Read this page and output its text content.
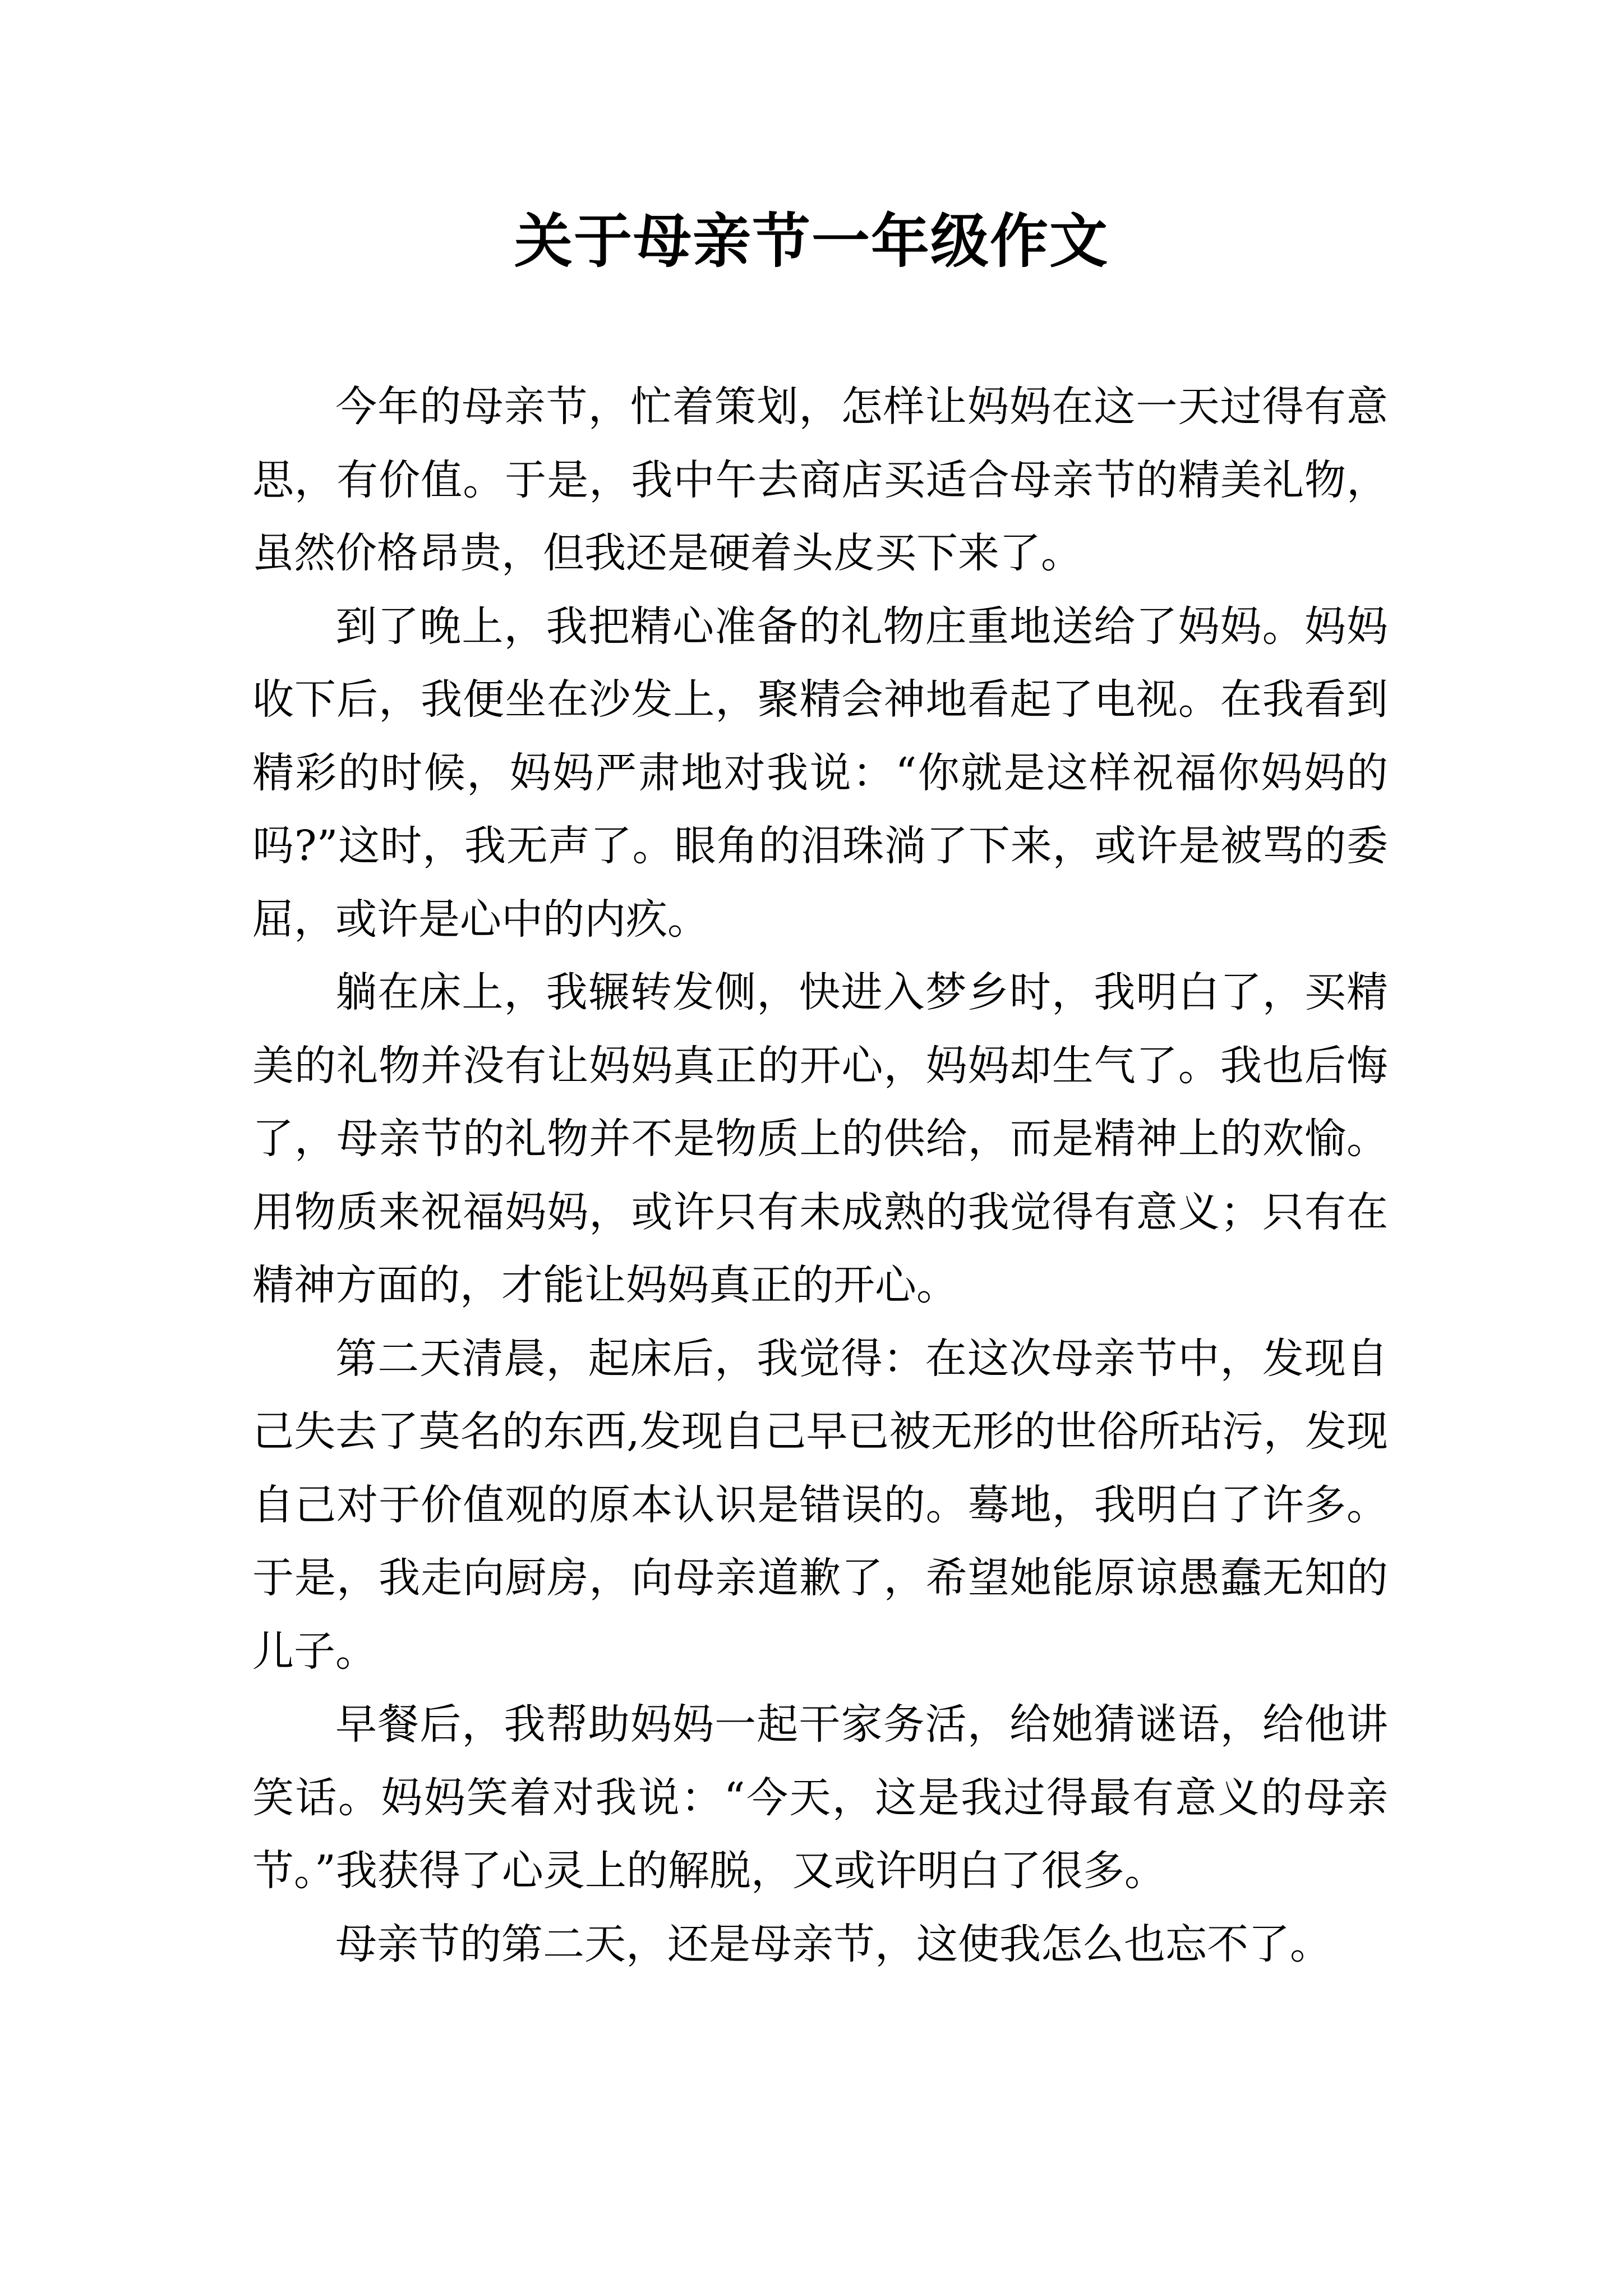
关于母亲节一年级作文

今年的母亲节，忙着策划，怎样让妈妈在这一天过得有意思，有价值。于是，我中午去商店买适合母亲节的精美礼物，虽然价格昂贵，但我还是硬着头皮买下来了。

到了晚上，我把精心准备的礼物庄重地送给了妈妈。妈妈收下后，我便坐在沙发上，聚精会神地看起了电视。在我看到精彩的时候，妈妈严肃地对我说：“你就是这样祝福你妈妈的吗?”这时，我无声了。眼角的泪珠淌了下来，或许是被骂的委屈，或许是心中的内疚。

躺在床上，我辗转发侧，快进入梦乡时，我明白了，买精美的礼物并没有让妈妈真正的开心，妈妈却生气了。我也后悔了，母亲节的礼物并不是物质上的供给，而是精神上的欢愉。用物质来祝福妈妈，或许只有未成熟的我觉得有意义；只有在精神方面的，才能让妈妈真正的开心。

第二天清晨，起床后，我觉得：在这次母亲节中，发现自己失去了莫名的东西,发现自己早已被无形的世俗所玷污，发现自己对于价值观的原本认识是错误的。蓦地，我明白了许多。于是，我走向厨房，向母亲道歉了，希望她能原谅愚蠢无知的儿子。

早餐后，我帮助妈妈一起干家务活，给她猜谜语，给他讲笑话。妈妈笑着对我说：“今天，这是我过得最有意义的母亲节。”我获得了心灵上的解脱，又或许明白了很多。

母亲节的第二天，还是母亲节，这使我怎么也忘不了。
